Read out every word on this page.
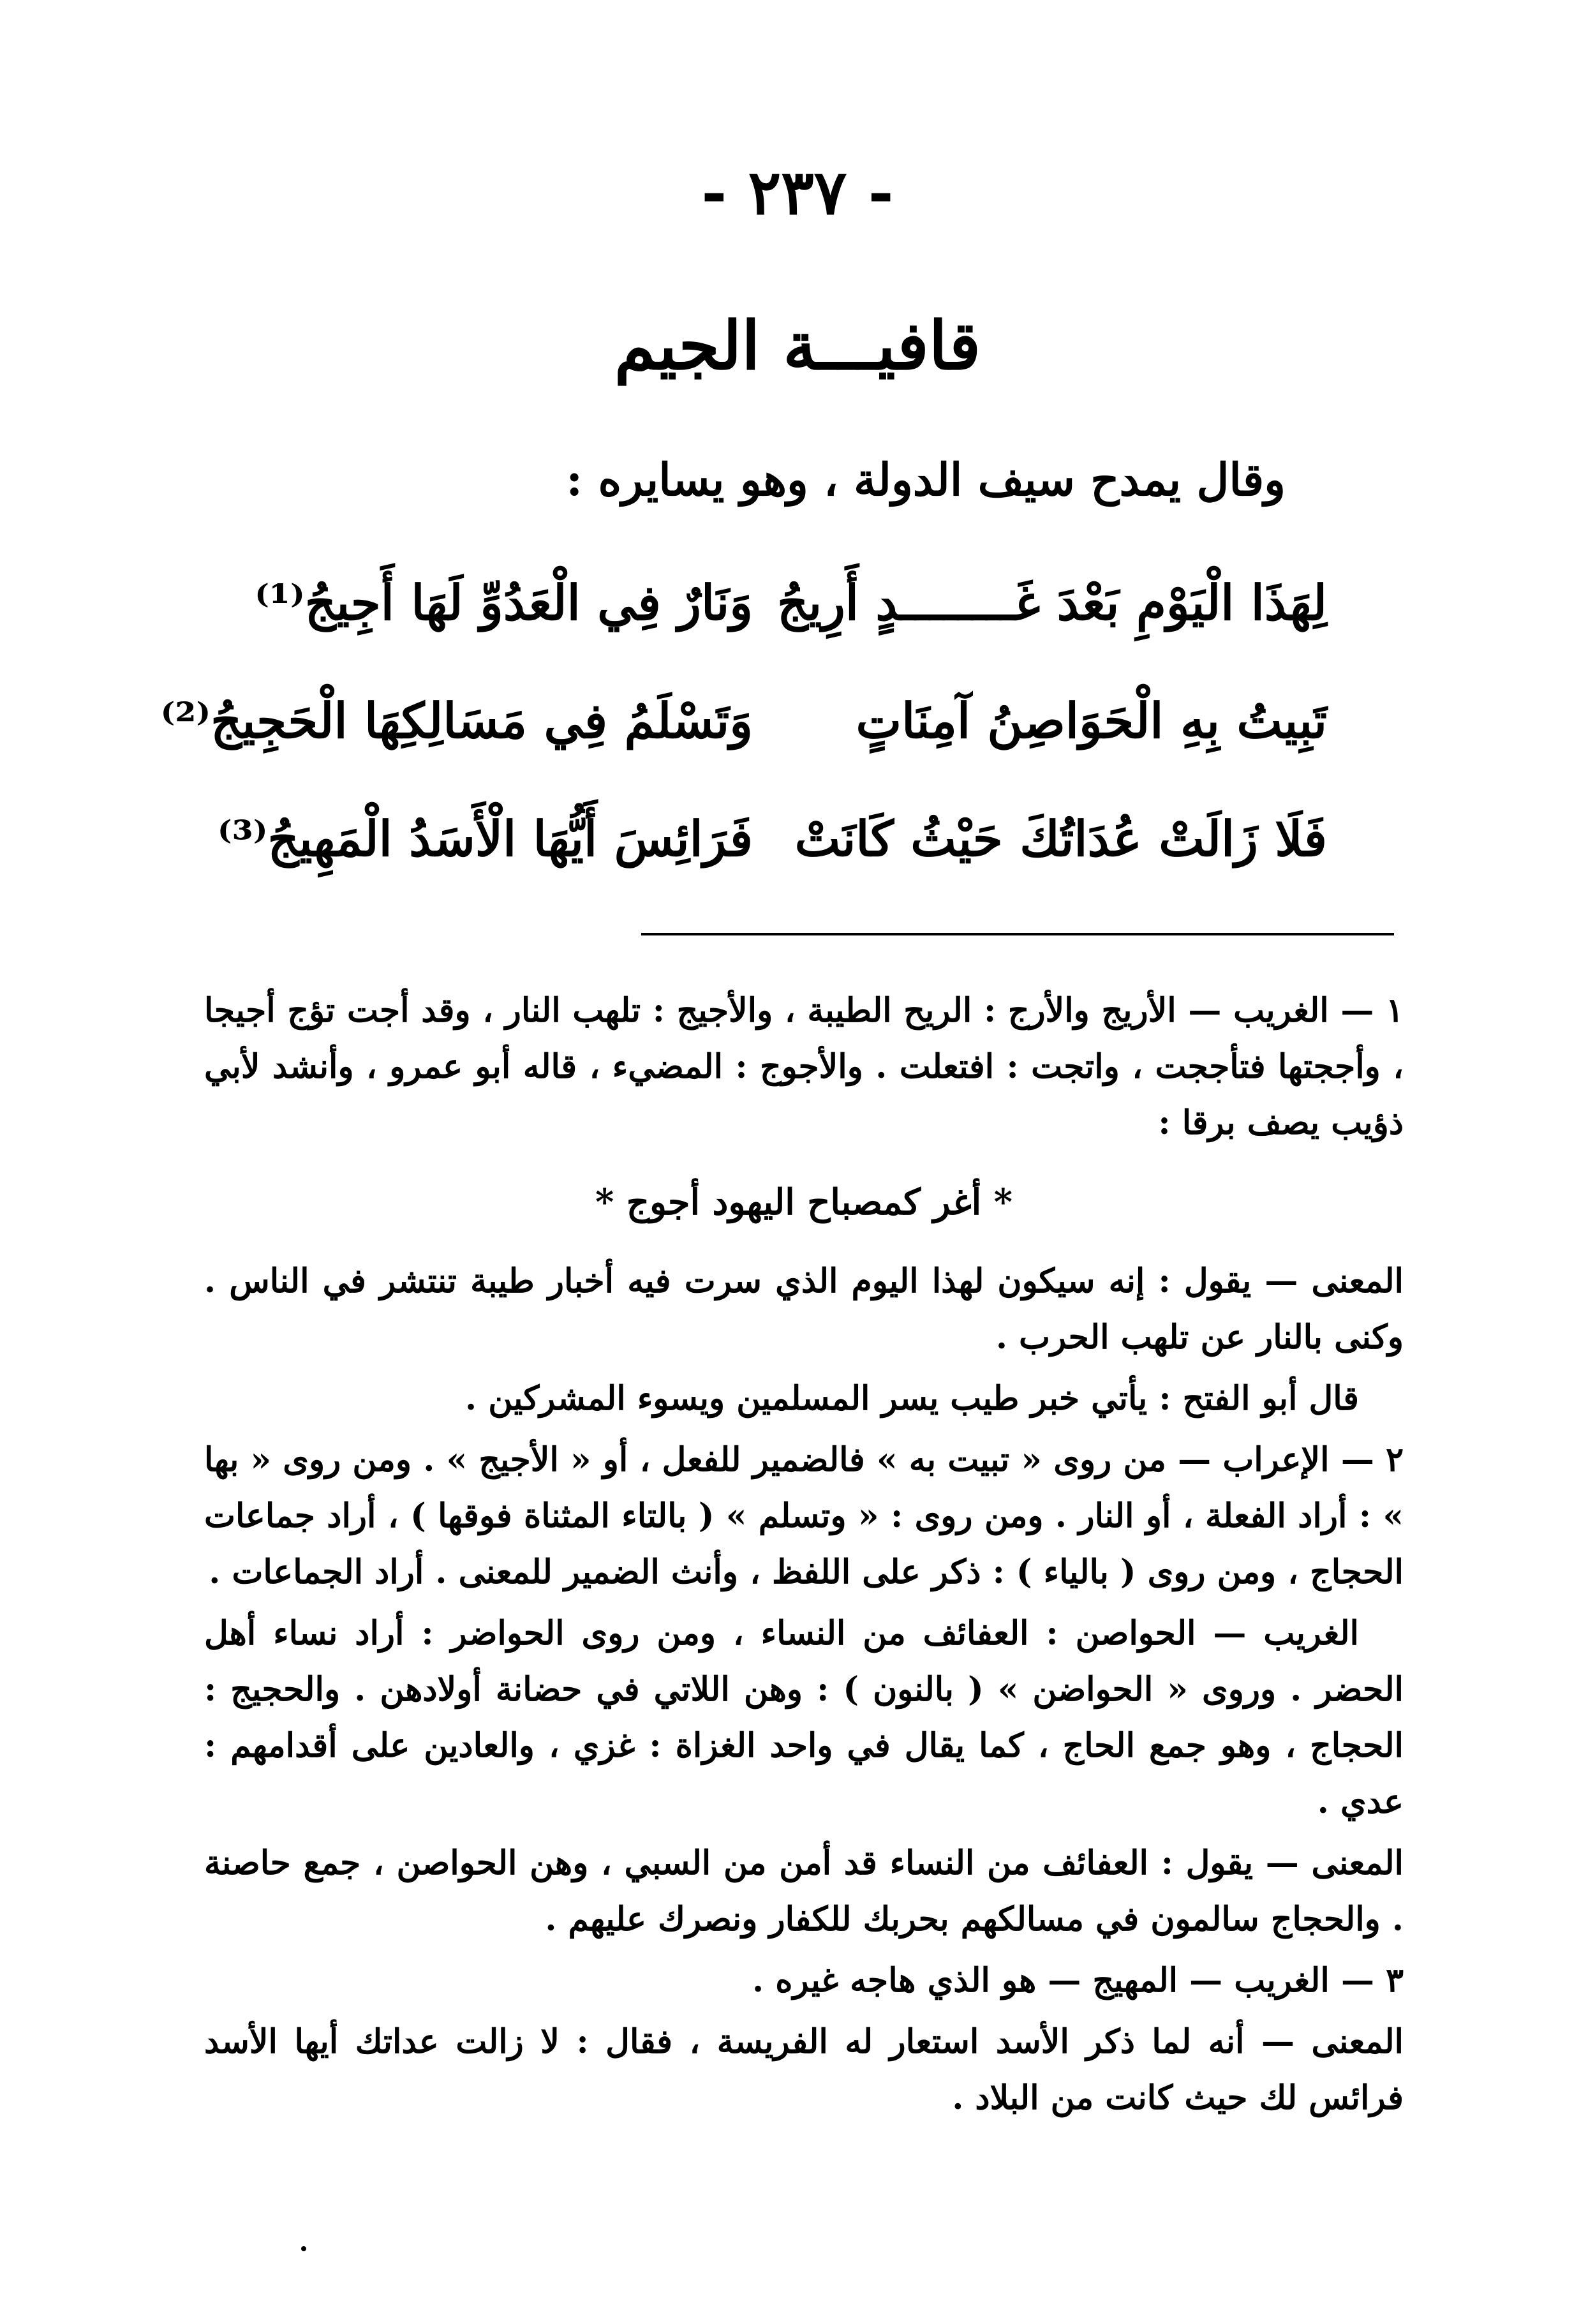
- ٢٣٧ -
قافيـــة الجيم
وقال يمدح سيف الدولة ، وهو يسايره :
لِهَذَا الْيَوْمِ بَعْدَ غَــــــــدٍ أَرِيجُ
وَنَارٌ فِي الْعَدُوِّ لَهَا أَجِيجُ⁽¹⁾
تَبِيتُ بِهِ الْحَوَاصِنُ آمِنَاتٍ
وَتَسْلَمُ فِي مَسَالِكِهَا الْحَجِيجُ⁽²⁾
فَلَا زَالَتْ عُدَاتُكَ حَيْثُ كَانَتْ
فَرَائِسَ أَيُّهَا الْأَسَدُ الْمَهِيجُ⁽³⁾

١ — الغريب — الأريج والأرج : الريح الطيبة ، والأجيج : تلهب النار ، وقد أجت تؤج أجيجا ، وأججتها فتأججت ، واتجت : افتعلت . والأجوج : المضيء ، قاله أبو عمرو ، وأنشد لأبي ذؤيب يصف برقا :

* أغر كمصباح اليهود أجوج *

المعنى — يقول : إنه سيكون لهذا اليوم الذي سرت فيه أخبار طيبة تنتشر في الناس . وكنى بالنار عن تلهب الحرب .

قال أبو الفتح : يأتي خبر طيب يسر المسلمين ويسوء المشركين .

٢ — الإعراب — من روى « تبيت به » فالضمير للفعل ، أو « الأجيج » . ومن روى « بها » : أراد الفعلة ، أو النار . ومن روى : « وتسلم » ( بالتاء المثناة فوقها ) ، أراد جماعات الحجاج ، ومن روى ( بالياء ) : ذكر على اللفظ ، وأنث الضمير للمعنى . أراد الجماعات .

الغريب — الحواصن : العفائف من النساء ، ومن روى الحواضر : أراد نساء أهل الحضر . وروى « الحواضن » ( بالنون ) : وهن اللاتي في حضانة أولادهن . والحجيج : الحجاج ، وهو جمع الحاج ، كما يقال في واحد الغزاة : غزي ، والعادين على أقدامهم : عدي .

المعنى — يقول : العفائف من النساء قد أمن من السبي ، وهن الحواصن ، جمع حاصنة . والحجاج سالمون في مسالكهم بحربك للكفار ونصرك عليهم .

٣ — الغريب — المهيج — هو الذي هاجه غيره .

المعنى — أنه لما ذكر الأسد استعار له الفريسة ، فقال : لا زالت عداتك أيها الأسد فرائس لك حيث كانت من البلاد .
